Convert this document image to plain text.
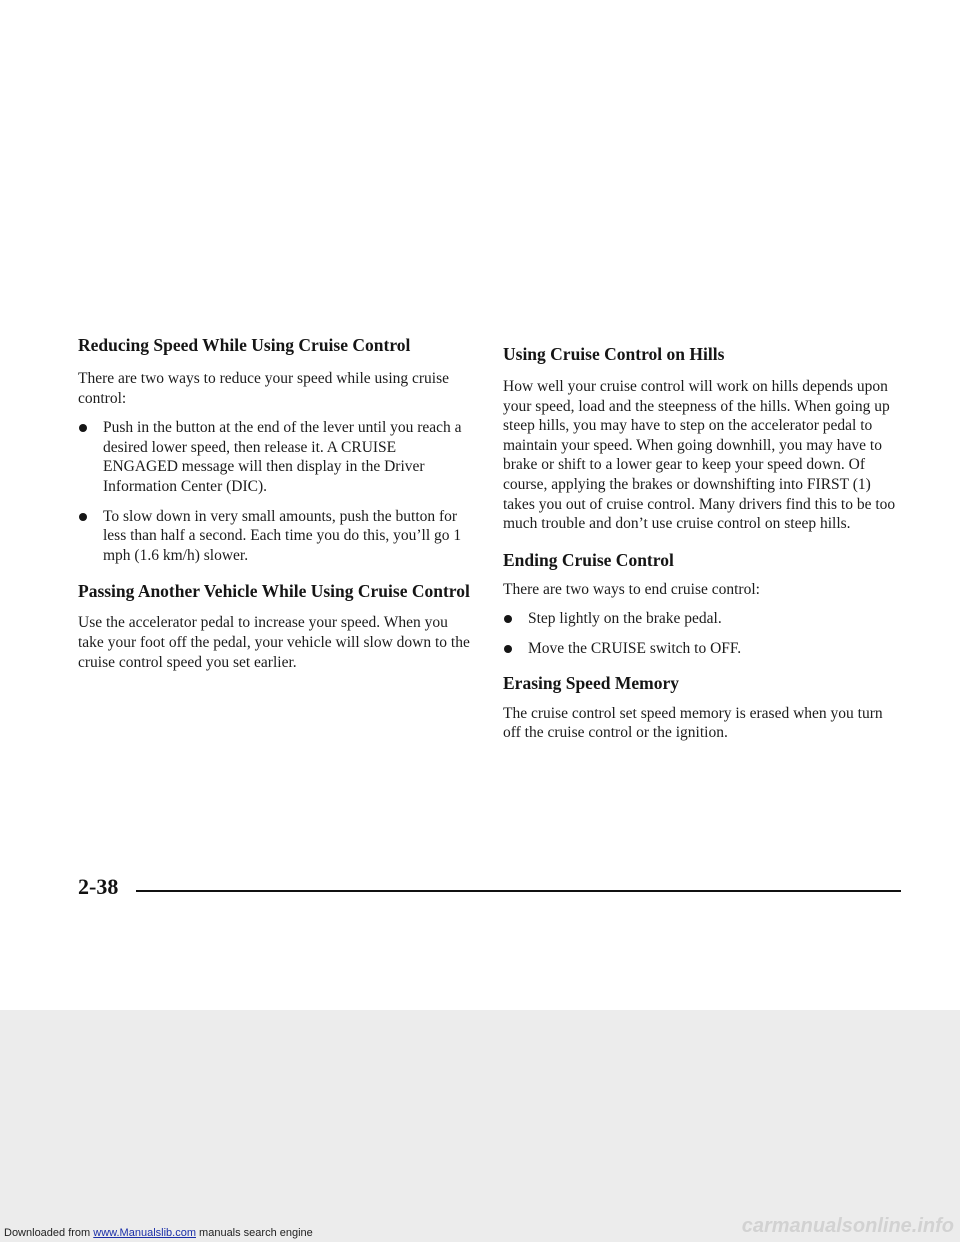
Reducing Speed While Using Cruise Control

There are two ways to reduce your speed while using cruise control:

Push in the button at the end of the lever until you reach a desired lower speed, then release it. A CRUISE ENGAGED message will then display in the Driver Information Center (DIC).
To slow down in very small amounts, push the button for less than half a second. Each time you do this, you’ll go 1 mph (1.6 km/h) slower.
Passing Another Vehicle While Using Cruise Control

Use the accelerator pedal to increase your speed. When you take your foot off the pedal, your vehicle will slow down to the cruise control speed you set earlier.

Using Cruise Control on Hills

How well your cruise control will work on hills depends upon your speed, load and the steepness of the hills. When going up steep hills, you may have to step on the accelerator pedal to maintain your speed. When going downhill, you may have to brake or shift to a lower gear to keep your speed down. Of course, applying the brakes or downshifting into FIRST (1) takes you out of cruise control. Many drivers find this to be too much trouble and don’t use cruise control on steep hills.

Ending Cruise Control

There are two ways to end cruise control:

Step lightly on the brake pedal.
Move the CRUISE switch to OFF.
Erasing Speed Memory

The cruise control set speed memory is erased when you turn off the cruise control or the ignition.

2-38
Downloaded from www.Manualslib.com manuals search engine	carmanualsonline.info
